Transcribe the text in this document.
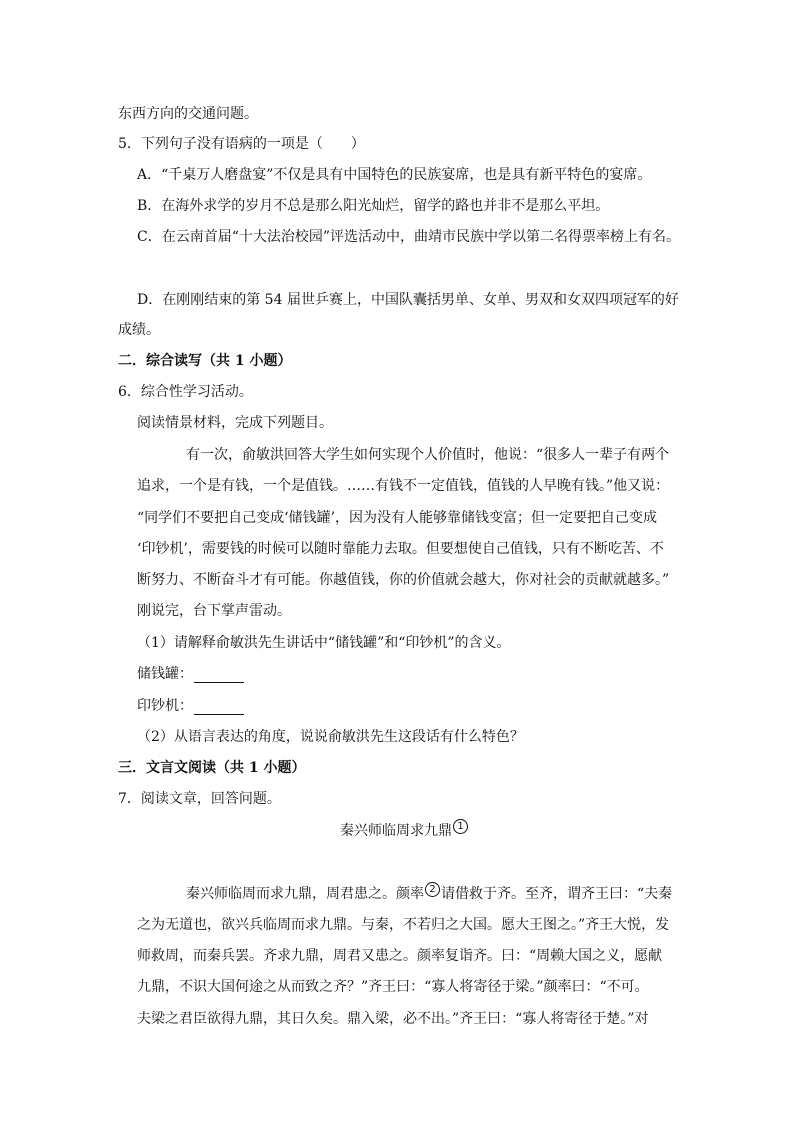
东西方向的交通问题。
5．下列句子没有语病的一项是（　　）
A．“千桌万人磨盘宴”不仅是具有中国特色的民族宴席，也是具有新平特色的宴席。
B．在海外求学的岁月不总是那么阳光灿烂，留学的路也并非不是那么平坦。
C．在云南首届“十大法治校园”评选活动中，曲靖市民族中学以第二名得票率榜上有名。
D．在刚刚结束的第 54 届世乒赛上，中国队囊括男单、女单、男双和女双四项冠军的好
成绩。
二．综合读写（共 1 小题）
6．综合性学习活动。
阅读情景材料，完成下列题目。
有一次，俞敏洪回答大学生如何实现个人价值时，他说：“很多人一辈子有两个
追求，一个是有钱，一个是值钱。……有钱不一定值钱，值钱的人早晚有钱。”他又说：
“同学们不要把自己变成‘储钱罐’，因为没有人能够靠储钱变富；但一定要把自己变成
‘印钞机’，需要钱的时候可以随时靠能力去取。但要想使自己值钱，只有不断吃苦、不
断努力、不断奋斗才有可能。你越值钱，你的价值就会越大，你对社会的贡献就越多。”
刚说完，台下掌声雷动。
（1）请解释俞敏洪先生讲话中“储钱罐”和“印钞机”的含义。
储钱罐：
印钞机：
（2）从语言表达的角度，说说俞敏洪先生这段话有什么特色？
三．文言文阅读（共 1 小题）
7．阅读文章，回答问题。
秦兴师临周求九鼎 1
秦兴师临周而求九鼎，周君患之。颜率 2 请借救于齐。至齐，谓齐王曰：“夫秦
之为无道也，欲兴兵临周而求九鼎。与秦，不若归之大国。愿大王图之。”齐王大悦，发
师救周，而秦兵罢。齐求九鼎，周君又患之。颜率复诣齐。曰：“周赖大国之义，愿献
九鼎，不识大国何途之从而致之齐？”齐王曰：“寡人将寄径于梁。”颜率曰：“不可。
夫梁之君臣欲得九鼎，其日久矣。鼎入梁，必不出。”齐王曰：“寡人将寄径于楚。”对
